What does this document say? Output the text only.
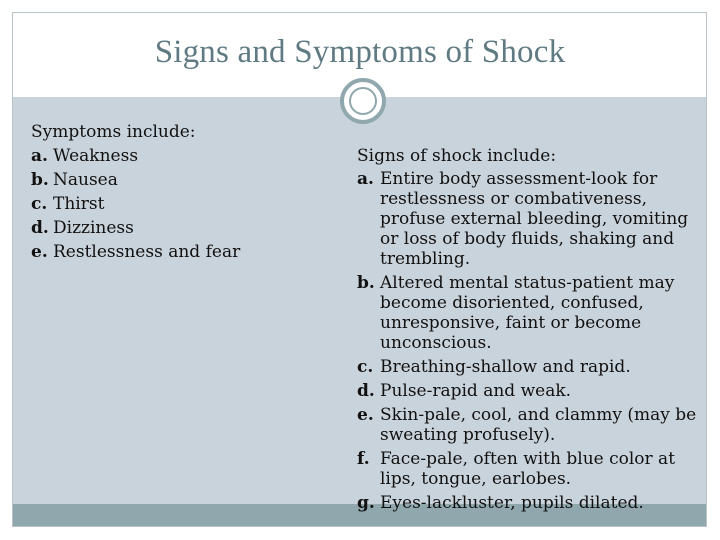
Signs and Symptoms of Shock
Symptoms include:
a. Weakness
b. Nausea
c. Thirst
d. Dizziness
e. Restlessness and fear
Signs of shock include:
a. Entire body assessment-look for restlessness or combativeness, profuse external bleeding, vomiting or loss of body fluids, shaking and trembling.
b. Altered mental status-patient may become disoriented, confused, unresponsive, faint or become unconscious.
c. Breathing-shallow and rapid.
d. Pulse-rapid and weak.
e. Skin-pale, cool, and clammy (may be sweating profusely).
f. Face-pale, often with blue color at lips, tongue, earlobes.
g. Eyes-lackluster, pupils dilated.
